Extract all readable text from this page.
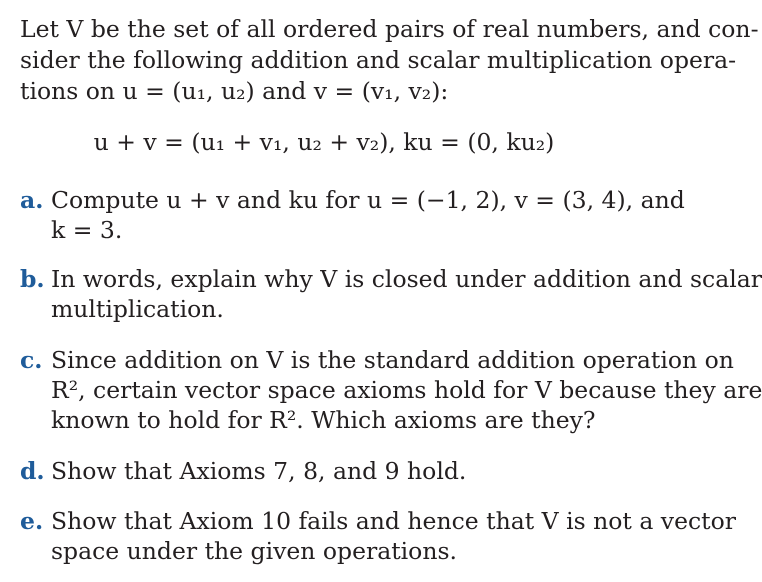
Let V be the set of all ordered pairs of real numbers, and con-
sider the following addition and scalar multiplication opera-
tions on u = (u₁, u₂) and v = (v₁, v₂):

u + v = (u₁ + v₁, u₂ + v₂), ku = (0, ku₂)
a. Compute u + v and ku for u = (−1, 2), v = (3, 4), and
k = 3.
b. In words, explain why V is closed under addition and scalar
multiplication.
c. Since addition on V is the standard addition operation on
R², certain vector space axioms hold for V because they are
known to hold for R². Which axioms are they?
d. Show that Axioms 7, 8, and 9 hold.
e. Show that Axiom 10 fails and hence that V is not a vector
space under the given operations.
